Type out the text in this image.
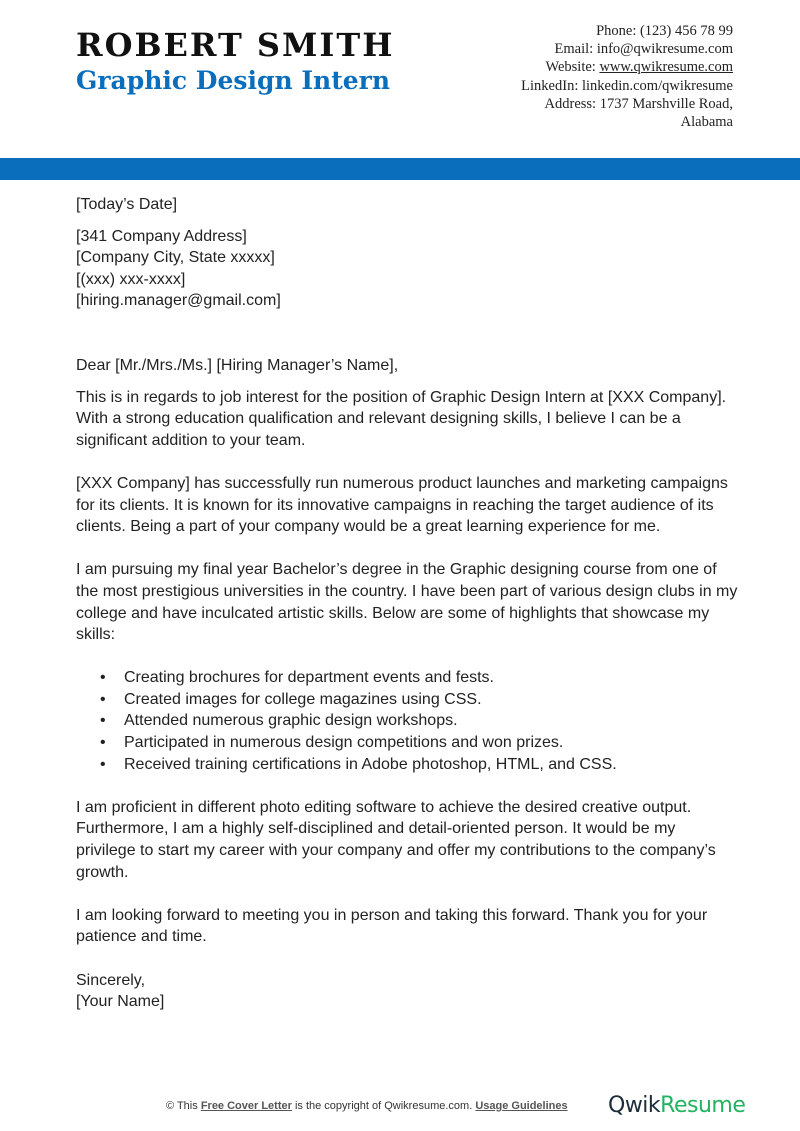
ROBERT SMITH
Graphic Design Intern
Phone: (123) 456 78 99
Email: info@qwikresume.com
Website: www.qwikresume.com
LinkedIn: linkedin.com/qwikresume
Address: 1737 Marshville Road,
Alabama

[Today’s Date]

[341 Company Address]
[Company City, State xxxxx]
[(xxx) xxx-xxxx]
[hiring.manager@gmail.com]

Dear [Mr./Mrs./Ms.] [Hiring Manager’s Name],

This is in regards to job interest for the position of Graphic Design Intern at [XXX Company]. With a strong education qualification and relevant designing skills, I believe I can be a significant addition to your team.

[XXX Company] has successfully run numerous product launches and marketing campaigns for its clients. It is known for its innovative campaigns in reaching the target audience of its clients. Being a part of your company would be a great learning experience for me.

I am pursuing my final year Bachelor’s degree in the Graphic designing course from one of the most prestigious universities in the country. I have been part of various design clubs in my college and have inculcated artistic skills. Below are some of highlights that showcase my skills:

• Creating brochures for department events and fests.
• Created images for college magazines using CSS.
• Attended numerous graphic design workshops.
• Participated in numerous design competitions and won prizes.
• Received training certifications in Adobe photoshop, HTML, and CSS.

I am proficient in different photo editing software to achieve the desired creative output. Furthermore, I am a highly self-disciplined and detail-oriented person. It would be my privilege to start my career with your company and offer my contributions to the company’s growth.

I am looking forward to meeting you in person and taking this forward. Thank you for your patience and time.

Sincerely,

[Your Name]

© This Free Cover Letter is the copyright of Qwikresume.com. Usage Guidelines QwikResume
